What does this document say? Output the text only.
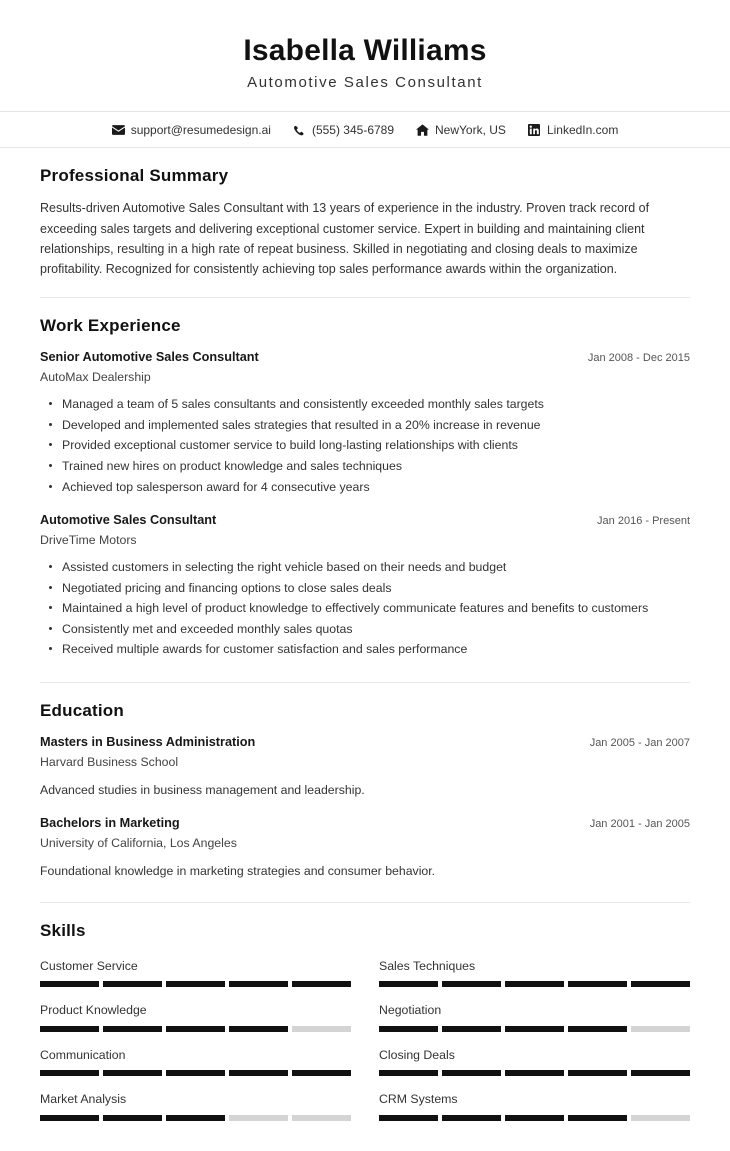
Isabella Williams
Automotive Sales Consultant
support@resumedesign.ai	(555) 345-6789	NewYork, US	LinkedIn.com
Professional Summary

Results-driven Automotive Sales Consultant with 13 years of experience in the industry. Proven track record of exceeding sales targets and delivering exceptional customer service. Expert in building and maintaining client relationships, resulting in a high rate of repeat business. Skilled in negotiating and closing deals to maximize profitability. Recognized for consistently achieving top sales performance awards within the organization.

Work Experience
Senior Automotive Sales Consultant	Jan 2008 - Dec 2015
AutoMax Dealership
Managed a team of 5 sales consultants and consistently exceeded monthly sales targets
Developed and implemented sales strategies that resulted in a 20% increase in revenue
Provided exceptional customer service to build long-lasting relationships with clients
Trained new hires on product knowledge and sales techniques
Achieved top salesperson award for 4 consecutive years
Automotive Sales Consultant	Jan 2016 - Present
DriveTime Motors
Assisted customers in selecting the right vehicle based on their needs and budget
Negotiated pricing and financing options to close sales deals
Maintained a high level of product knowledge to effectively communicate features and benefits to customers
Consistently met and exceeded monthly sales quotas
Received multiple awards for customer satisfaction and sales performance
Education
Masters in Business Administration	Jan 2005 - Jan 2007
Harvard Business School
Advanced studies in business management and leadership.
Bachelors in Marketing	Jan 2001 - Jan 2005
University of California, Los Angeles
Foundational knowledge in marketing strategies and consumer behavior.
Skills
Customer Service	Sales Techniques
Product Knowledge	Negotiation
Communication	Closing Deals
Market Analysis	CRM Systems
